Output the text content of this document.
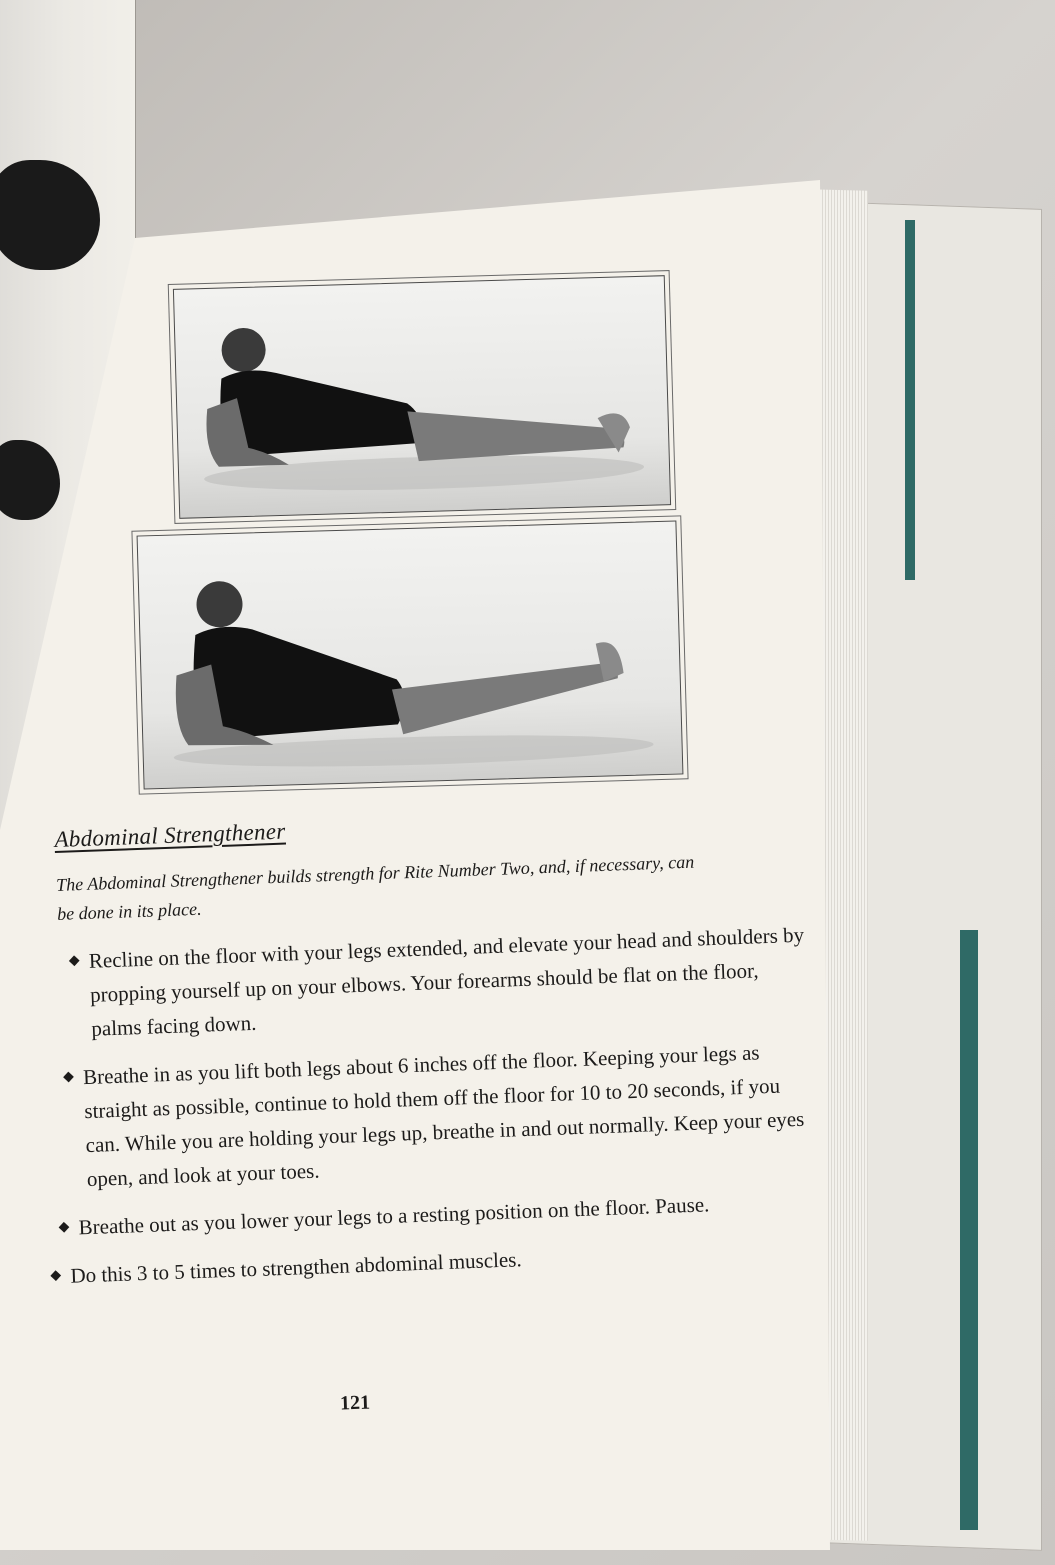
Abdominal Strengthener
The Abdominal Strengthener builds strength for Rite Number Two, and, if necessary, can be done in its place.
◆ Recline on the floor with your legs extended, and elevate your head and shoulders by propping yourself up on your elbows. Your forearms should be flat on the floor, palms facing down.
◆ Breathe in as you lift both legs about 6 inches off the floor. Keeping your legs as straight as possible, continue to hold them off the floor for 10 to 20 seconds, if you can. While you are holding your legs up, breathe in and out normally. Keep your eyes open, and look at your toes.
◆ Breathe out as you lower your legs to a resting position on the floor. Pause.
◆ Do this 3 to 5 times to strengthen abdominal muscles.
121
